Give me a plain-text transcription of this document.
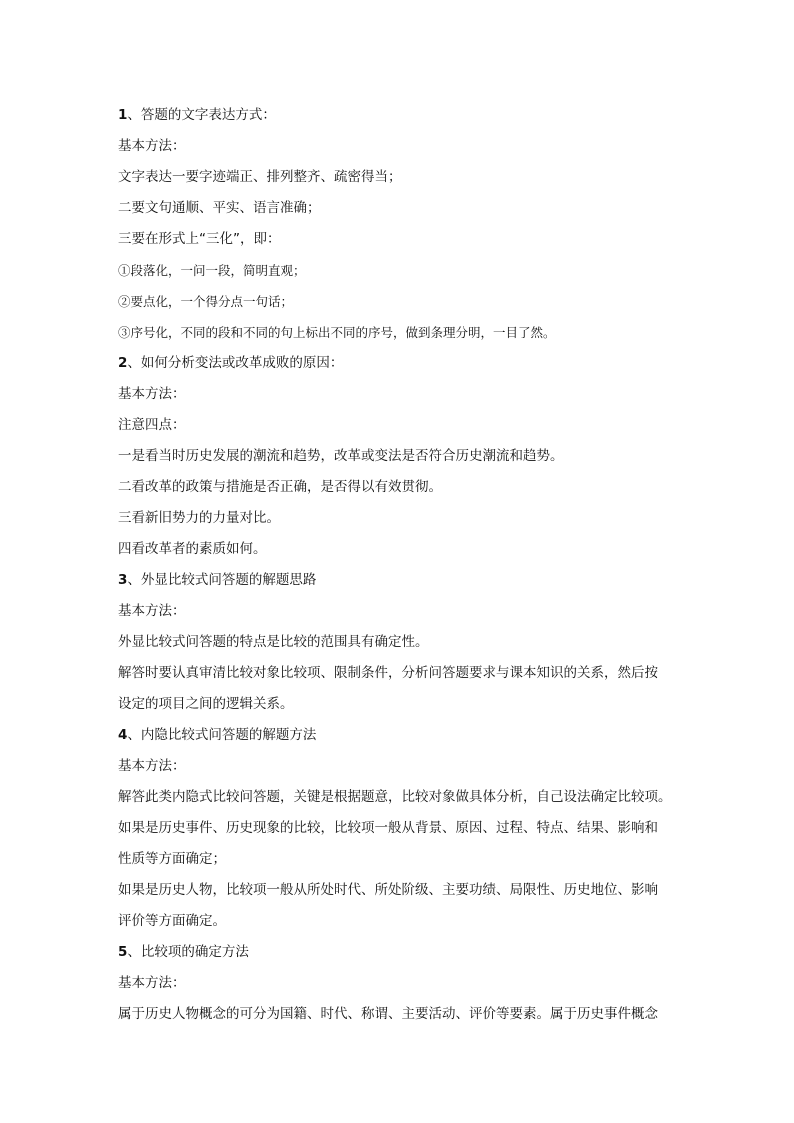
1、答题的文字表达方式：
基本方法：
文字表达一要字迹端正、排列整齐、疏密得当；
二要文句通顺、平实、语言准确；
三要在形式上“三化”，即：
①段落化，一问一段，简明直观；
②要点化，一个得分点一句话；
③序号化，不同的段和不同的句上标出不同的序号，做到条理分明，一目了然。
2、如何分析变法或改革成败的原因：
基本方法：
注意四点：
一是看当时历史发展的潮流和趋势，改革或变法是否符合历史潮流和趋势。
二看改革的政策与措施是否正确，是否得以有效贯彻。
三看新旧势力的力量对比。
四看改革者的素质如何。
3、外显比较式问答题的解题思路
基本方法：
外显比较式问答题的特点是比较的范围具有确定性。
解答时要认真审清比较对象比较项、限制条件，分析问答题要求与课本知识的关系，然后按
设定的项目之间的逻辑关系。
4、内隐比较式问答题的解题方法
基本方法：
解答此类内隐式比较问答题，关键是根据题意，比较对象做具体分析，自己设法确定比较项。
如果是历史事件、历史现象的比较，比较项一般从背景、原因、过程、特点、结果、影响和
性质等方面确定；
如果是历史人物，比较项一般从所处时代、所处阶级、主要功绩、局限性、历史地位、影响
评价等方面确定。
5、比较项的确定方法
基本方法：
属于历史人物概念的可分为国籍、时代、称谓、主要活动、评价等要素。属于历史事件概念
